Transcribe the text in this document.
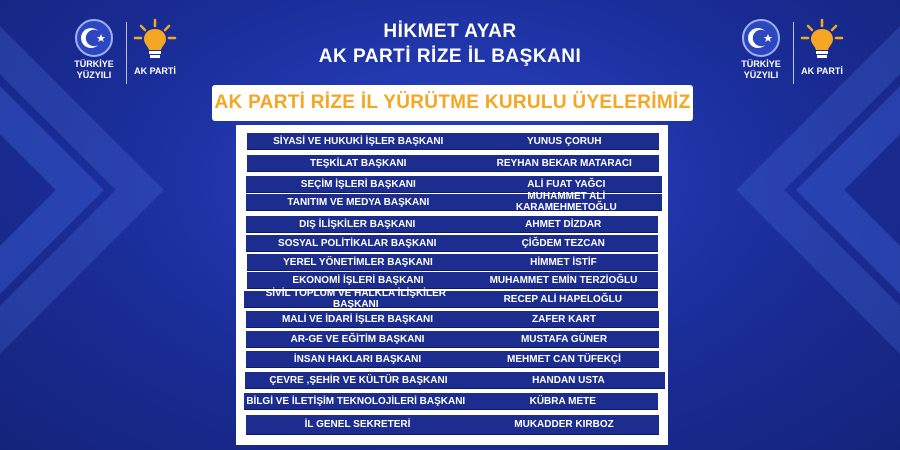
TÜRKİYE
YÜZYILI	AK PARTİ
TÜRKİYE
YÜZYILI	AK PARTİ
HİKMET AYAR
AK PARTİ RİZE İL BAŞKANI
AK PARTİ RİZE İL YÜRÜTME KURULU ÜYELERİMİZ
SİYASİ VE HUKUKİ İŞLER BAŞKANI	YUNUS ÇORUH
TEŞKİLAT BAŞKANI	REYHAN BEKAR MATARACI
SEÇİM İŞLERİ BAŞKANI	ALİ FUAT YAĞCI
TANITIM VE MEDYA BAŞKANI	MUHAMMET ALİ KARAMEHMETOĞLU
DIŞ İLİŞKİLER BAŞKANI	AHMET DİZDAR
SOSYAL POLİTİKALAR BAŞKANI	ÇİĞDEM TEZCAN
YEREL YÖNETİMLER BAŞKANI	HİMMET İSTİF
EKONOMİ İŞLERİ BAŞKANI	MUHAMMET EMİN TERZİOĞLU
SİVİL TOPLUM VE HALKLA İLİŞKİLER BAŞKANI	RECEP ALİ HAPELOĞLU
MALİ VE İDARİ İŞLER BAŞKANI	ZAFER KART
AR-GE VE EĞİTİM BAŞKANI	MUSTAFA GÜNER
İNSAN HAKLARI BAŞKANI	MEHMET CAN TÜFEKÇİ
ÇEVRE ,ŞEHİR VE KÜLTÜR BAŞKANI	HANDAN USTA
BİLGİ VE İLETİŞİM TEKNOLOJİLERİ BAŞKANI	KÜBRA METE
İL GENEL SEKRETERİ	MUKADDER KIRBOZ
